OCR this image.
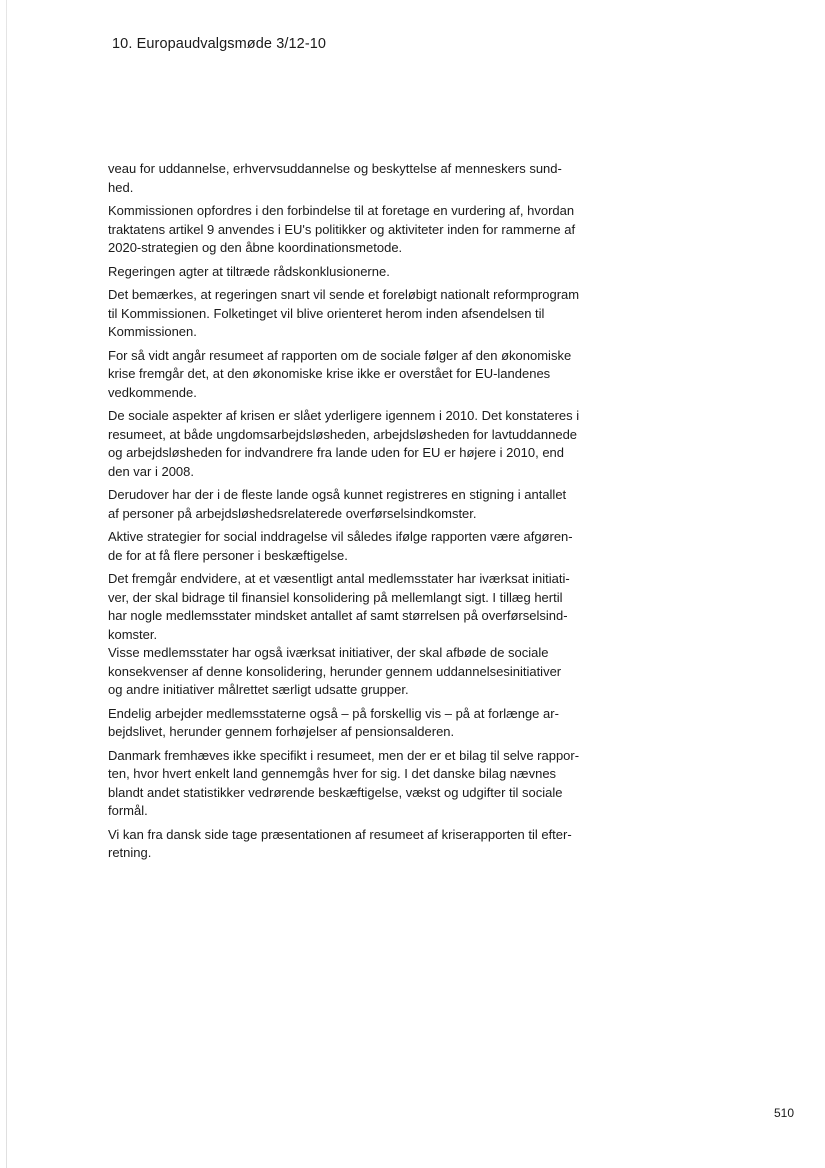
10. Europaudvalgsmøde 3/12-10

veau for uddannelse, erhvervsuddannelse og beskyttelse af menneskers sund-
hed.

Kommissionen opfordres i den forbindelse til at foretage en vurdering af, hvordan
traktatens artikel 9 anvendes i EU's politikker og aktiviteter inden for rammerne af
2020-strategien og den åbne koordinationsmetode.

Regeringen agter at tiltræde rådskonklusionerne.

Det bemærkes, at regeringen snart vil sende et foreløbigt nationalt reformprogram
til Kommissionen. Folketinget vil blive orienteret herom inden afsendelsen til
Kommissionen.

For så vidt angår resumeet af rapporten om de sociale følger af den økonomiske
krise fremgår det, at den økonomiske krise ikke er overstået for EU-landenes
vedkommende.

De sociale aspekter af krisen er slået yderligere igennem i 2010. Det konstateres i
resumeet, at både ungdomsarbejdsløsheden, arbejdsløsheden for lavtuddannede
og arbejdsløsheden for indvandrere fra lande uden for EU er højere i 2010, end
den var i 2008.

Derudover har der i de fleste lande også kunnet registreres en stigning i antallet
af personer på arbejdsløshedsrelaterede overførselsindkomster.

Aktive strategier for social inddragelse vil således ifølge rapporten være afgøren-
de for at få flere personer i beskæftigelse.

Det fremgår endvidere, at et væsentligt antal medlemsstater har iværksat initiati-
ver, der skal bidrage til finansiel konsolidering på mellemlangt sigt. I tillæg hertil
har nogle medlemsstater mindsket antallet af samt størrelsen på overførselsind-
komster.

Visse medlemsstater har også iværksat initiativer, der skal afbøde de sociale
konsekvenser af denne konsolidering, herunder gennem uddannelsesinitiativer
og andre initiativer målrettet særligt udsatte grupper.

Endelig arbejder medlemsstaterne også – på forskellig vis – på at forlænge ar-
bejdslivet, herunder gennem forhøjelser af pensionsalderen.

Danmark fremhæves ikke specifikt i resumeet, men der er et bilag til selve rappor-
ten, hvor hvert enkelt land gennemgås hver for sig. I det danske bilag nævnes
blandt andet statistikker vedrørende beskæftigelse, vækst og udgifter til sociale
formål.

Vi kan fra dansk side tage præsentationen af resumeet af kriserapporten til efter-
retning.

510
